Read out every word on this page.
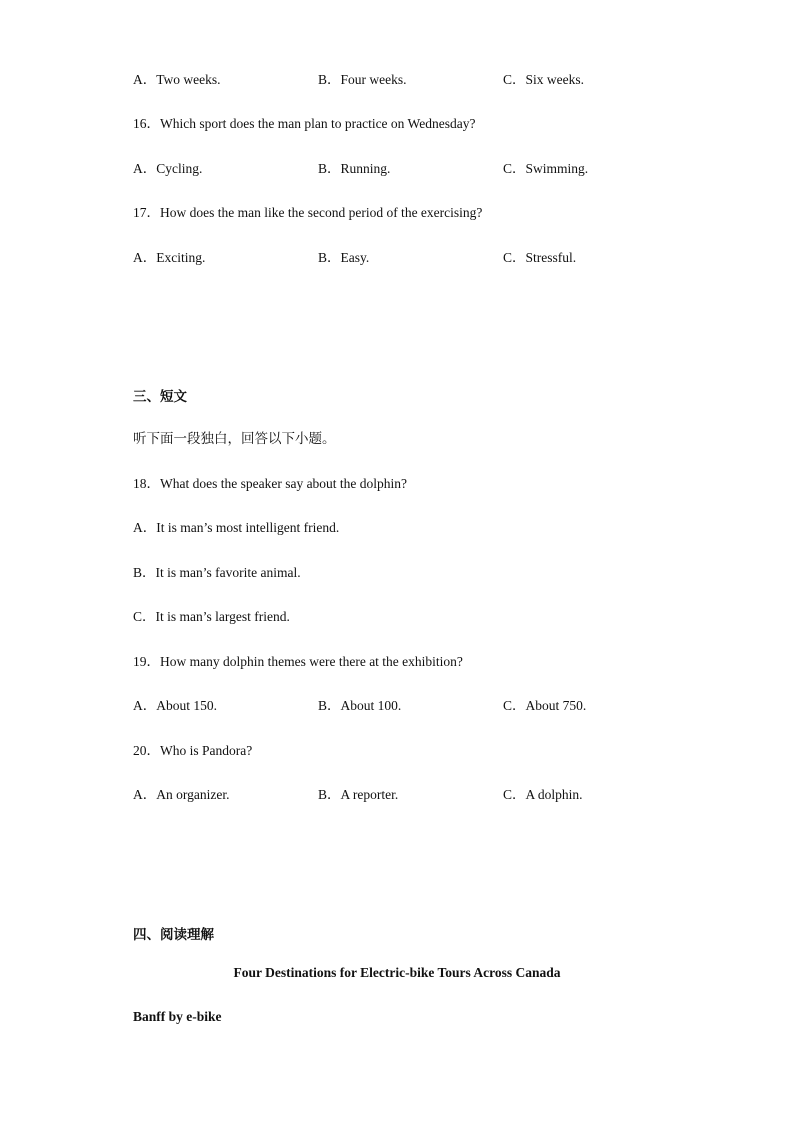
A．Two weeks.	B．Four weeks.	C．Six weeks.
16．Which sport does the man plan to practice on Wednesday?
A．Cycling.	B．Running.	C．Swimming.
17．How does the man like the second period of the exercising?
A．Exciting.	B．Easy.	C．Stressful.
三、短文
听下面一段独白，回答以下小题。
18．What does the speaker say about the dolphin?
A．It is man’s most intelligent friend.
B．It is man’s favorite animal.
C．It is man’s largest friend.
19．How many dolphin themes were there at the exhibition?
A．About 150.	B．About 100.	C．About 750.
20．Who is Pandora?
A．An organizer.	B．A reporter.	C．A dolphin.
四、阅读理解
Four Destinations for Electric-bike Tours Across Canada
Banff by e-bike
